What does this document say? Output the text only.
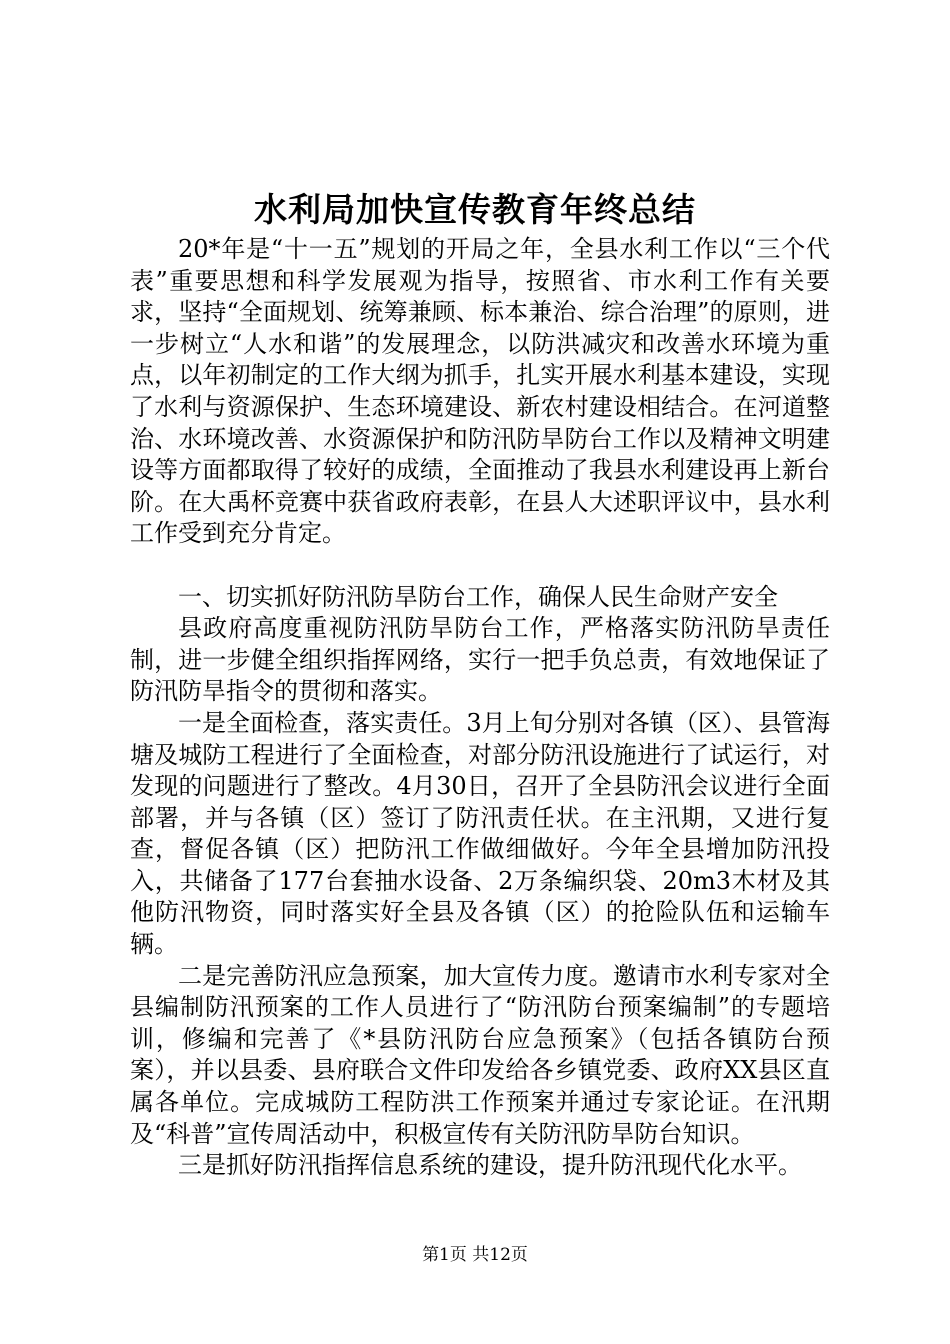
水利局加快宣传教育年终总结

20*年是“十一五”规划的开局之年，全县水利工作以“三个代表”重要思想和科学发展观为指导，按照省、市水利工作有关要求，坚持“全面规划、统筹兼顾、标本兼治、综合治理”的原则，进一步树立“人水和谐”的发展理念，以防洪减灾和改善水环境为重点，以年初制定的工作大纲为抓手，扎实开展水利基本建设，实现了水利与资源保护、生态环境建设、新农村建设相结合。在河道整治、水环境改善、水资源保护和防汛防旱防台工作以及精神文明建设等方面都取得了较好的成绩，全面推动了我县水利建设再上新台阶。在大禹杯竞赛中获省政府表彰，在县人大述职评议中，县水利工作受到充分肯定。

一、切实抓好防汛防旱防台工作，确保人民生命财产安全

县政府高度重视防汛防旱防台工作，严格落实防汛防旱责任制，进一步健全组织指挥网络，实行一把手负总责，有效地保证了防汛防旱指令的贯彻和落实。

一是全面检查，落实责任。3月上旬分别对各镇（区）、县管海塘及城防工程进行了全面检查，对部分防汛设施进行了试运行，对发现的问题进行了整改。4月30日，召开了全县防汛会议进行全面部署，并与各镇（区）签订了防汛责任状。在主汛期，又进行复查，督促各镇（区）把防汛工作做细做好。今年全县增加防汛投入，共储备了177台套抽水设备、2万条编织袋、20m3木材及其他防汛物资，同时落实好全县及各镇（区）的抢险队伍和运输车辆。

二是完善防汛应急预案，加大宣传力度。邀请市水利专家对全县编制防汛预案的工作人员进行了“防汛防台预案编制”的专题培训，修编和完善了《*县防汛防台应急预案》（包括各镇防台预案），并以县委、县府联合文件印发给各乡镇党委、政府XX县区直属各单位。完成城防工程防洪工作预案并通过专家论证。在汛期及“科普”宣传周活动中，积极宣传有关防汛防旱防台知识。

三是抓好防汛指挥信息系统的建设，提升防汛现代化水平。

第1页 共12页
